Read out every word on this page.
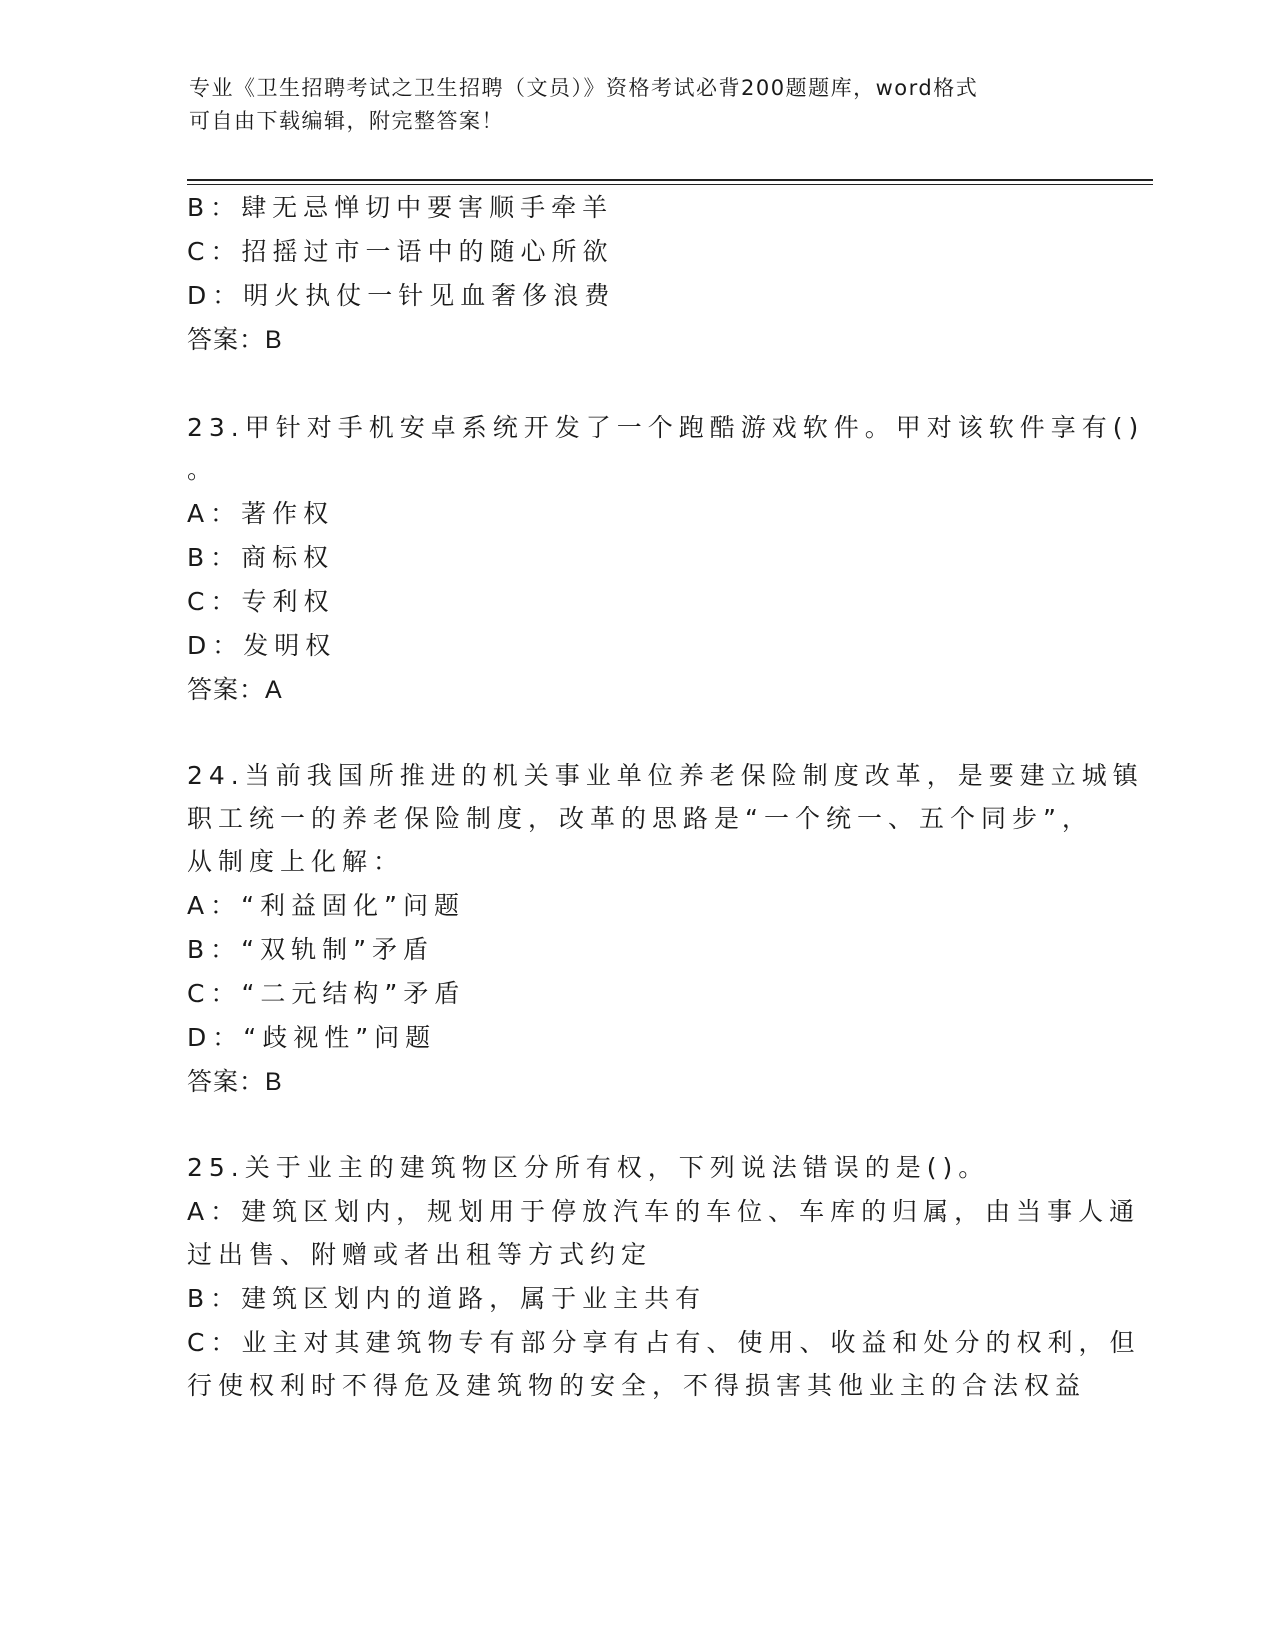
专业《卫生招聘考试之卫生招聘（文员）》资格考试必背200题题库，word格式
可自由下载编辑，附完整答案！
B：肆无忌惮切中要害顺手牵羊
C：招摇过市一语中的随心所欲
D：明火执仗一针见血奢侈浪费
答案：B
23.甲针对手机安卓系统开发了一个跑酷游戏软件。甲对该软件享有()
。
A：著作权
B：商标权
C：专利权
D：发明权
答案：A
24.当前我国所推进的机关事业单位养老保险制度改革，是要建立城镇
职工统一的养老保险制度，改革的思路是“一个统一、五个同步”，
从制度上化解：
A：“利益固化”问题
B：“双轨制”矛盾
C：“二元结构”矛盾
D：“歧视性”问题
答案：B
25.关于业主的建筑物区分所有权，下列说法错误的是()。
A：建筑区划内，规划用于停放汽车的车位、车库的归属，由当事人通
过出售、附赠或者出租等方式约定
B：建筑区划内的道路，属于业主共有
C：业主对其建筑物专有部分享有占有、使用、收益和处分的权利，但
行使权利时不得危及建筑物的安全，不得损害其他业主的合法权益
